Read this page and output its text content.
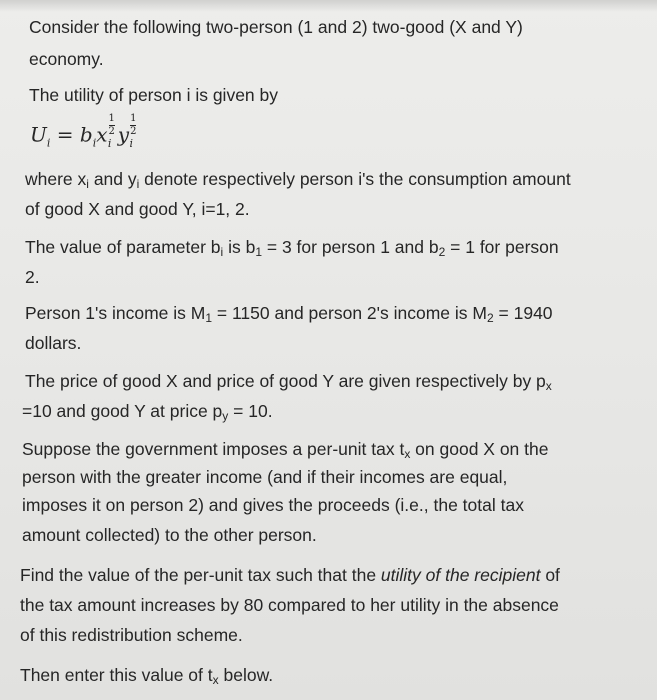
Consider the following two-person (1 and 2) two-good (X and Y)

economy.

The utility of person i is given by

$U_i = b_ix \frac{1}{2}$
$_i$ y $\frac{1}{2}$
$_i$

where xi and yi denote respectively person i's the consumption amount

of good X and good Y, i=1, 2.

The value of parameter bi is b1 = 3 for person 1 and b2 = 1 for person

2.

Person 1's income is M1 = 1150 and person 2's income is M2 = 1940

dollars.

The price of good X and price of good Y are given respectively by px

=10 and good Y at price py = 10.

Suppose the government imposes a per-unit tax tx on good X on the

person with the greater income (and if their incomes are equal,

imposes it on person 2) and gives the proceeds (i.e., the total tax

amount collected) to the other person.

Find the value of the per-unit tax such that the utility of the recipient of

the tax amount increases by 80 compared to her utility in the absence

of this redistribution scheme.

Then enter this value of tx below.
